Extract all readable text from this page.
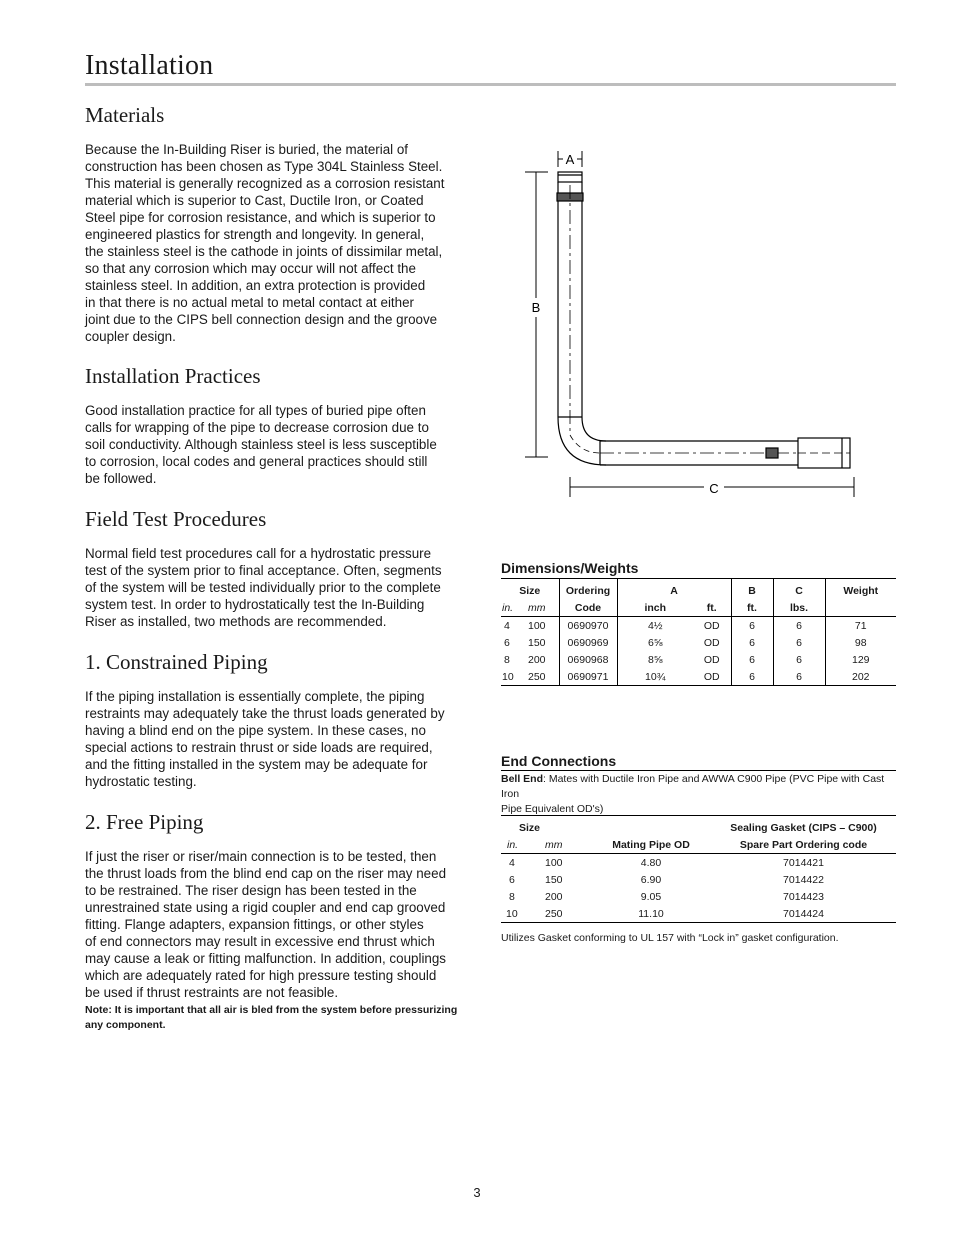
Installation
Materials

Because the In-Building Riser is buried, the material of
construction has been chosen as Type 304L Stainless Steel.
This material is generally recognized as a corrosion resistant
material which is superior to Cast, Ductile Iron, or Coated
Steel pipe for corrosion resistance, and which is superior to
engineered plastics for strength and longevity. In general,
the stainless steel is the cathode in joints of dissimilar metal,
so that any corrosion which may occur will not affect the
stainless steel. In addition, an extra protection is provided
in that there is no actual metal to metal contact at either
joint due to the CIPS bell connection design and the groove
coupler design.

Installation Practices

Good installation practice for all types of buried pipe often
calls for wrapping of the pipe to decrease corrosion due to
soil conductivity. Although stainless steel is less susceptible
to corrosion, local codes and general practices should still
be followed.

Field Test Procedures

Normal field test procedures call for a hydrostatic pressure
test of the system prior to final acceptance. Often, segments
of the system will be tested individually prior to the complete
system test. In order to hydrostatically test the In-Building
Riser as installed, two methods are recommended.

1. Constrained Piping

If the piping installation is essentially complete, the piping
restraints may adequately take the thrust loads generated by
having a blind end on the pipe system. In these cases, no
special actions to restrain thrust or side loads are required,
and the fitting installed in the system may be adequate for
hydrostatic testing.

2. Free Piping

If just the riser or riser/main connection is to be tested, then
the thrust loads from the blind end cap on the riser may need
to be restrained. The riser design has been tested in the
unrestrained state using a rigid coupler and end cap grooved
fitting. Flange adapters, expansion fittings, or other styles
of end connectors may result in excessive end thrust which
may cause a leak or fitting malfunction. In addition, couplings
which are adequately rated for high pressure testing should
be used if thrust restraints are not feasible.

Note: It is important that all air is bled from the system before pressurizing
any component.

A
B
C
Dimensions/Weights
Size		Ordering	A		B	C	Weight
in.	mm	Code	inch	ft.	ft.	lbs.	
4	100	0690970	4½	OD	6	6	71
6	150	0690969	6⅝	OD	6	6	98
8	200	0690968	8⅝	OD	6	6	129
10	250	0690971	10¾	OD	6	6	202
End Connections

Bell End: Mates with Ductile Iron Pipe and AWWA C900 Pipe (PVC Pipe with Cast Iron
Pipe Equivalent OD's)

Size			Sealing Gasket (CIPS – C900)
in.	mm	Mating Pipe OD	Spare Part Ordering code
4	100	4.80	7014421
6	150	6.90	7014422
8	200	9.05	7014423
10	250	11.10	7014424

Utilizes Gasket conforming to UL 157 with “Lock in” gasket configuration.

3
